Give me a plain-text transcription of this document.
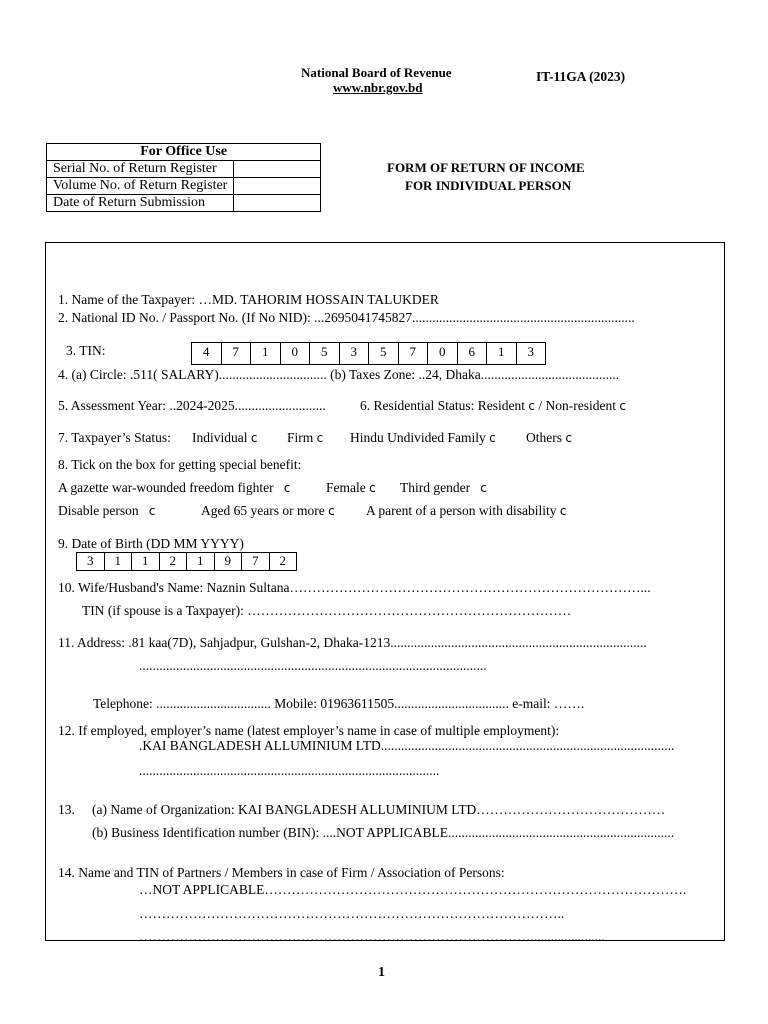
National Board of Revenue
www.nbr.gov.bd
IT-11GA (2023)
For Office Use	
Serial No. of Return Register	
Volume No. of Return Register	
Date of Return Submission	
FORM OF RETURN OF INCOME
FOR INDIVIDUAL PERSON
1. Name of the Taxpayer: …MD. TAHORIM HOSSAIN TALUKDER
2. National ID No. / Passport No. (If No NID): ...2695041745827..................................................................
3. TIN:	4	7	1	0	5	3	5	7	0	6	1	3
4. (a) Circle: .511( SALARY)................................ (b) Taxes Zone: ..24, Dhaka.........................................
5. Assessment Year: ..2024-2025...........................	6. Residential Status: Resident c / Non-resident c
7. Taxpayer’s Status: Individual c Firm c Hindu Undivided Family c Others c
8. Tick on the box for getting special benefit:
A gazette war-wounded freedom fighter c	Female c Third gender c
Disable person c	Aged 65 years or more c A parent of a person with disability c
9. Date of Birth (DD MM YYYY)
3	1	1	2	1	9	7	2
10. Wife/Husband's Name: Naznin Sultana……………………………………………………………………...
TIN (if spouse is a Taxpayer): ………………………………………………………………
11. Address: .81 kaa(7D), Sahjadpur, Gulshan-2, Dhaka-1213............................................................................
.......................................................................................................
Telephone: .................................. Mobile: 01963611505.................................. e-mail: …….
12. If employed, employer’s name (latest employer’s name in case of multiple employment):
.KAI BANGLADESH ALLUMINIUM LTD.......................................................................................
.........................................................................................
13. (a) Name of Organization: KAI BANGLADESH ALLUMINIUM LTD……………………………………
(b) Business Identification number (BIN): ....NOT APPLICABLE...................................................................
14. Name and TIN of Partners / Members in case of Firm / Association of Persons:
…NOT APPLICABLE………………………………………………………………………………….
…………………………………………………………………………………..
……………………………………………………………………………......................
1
